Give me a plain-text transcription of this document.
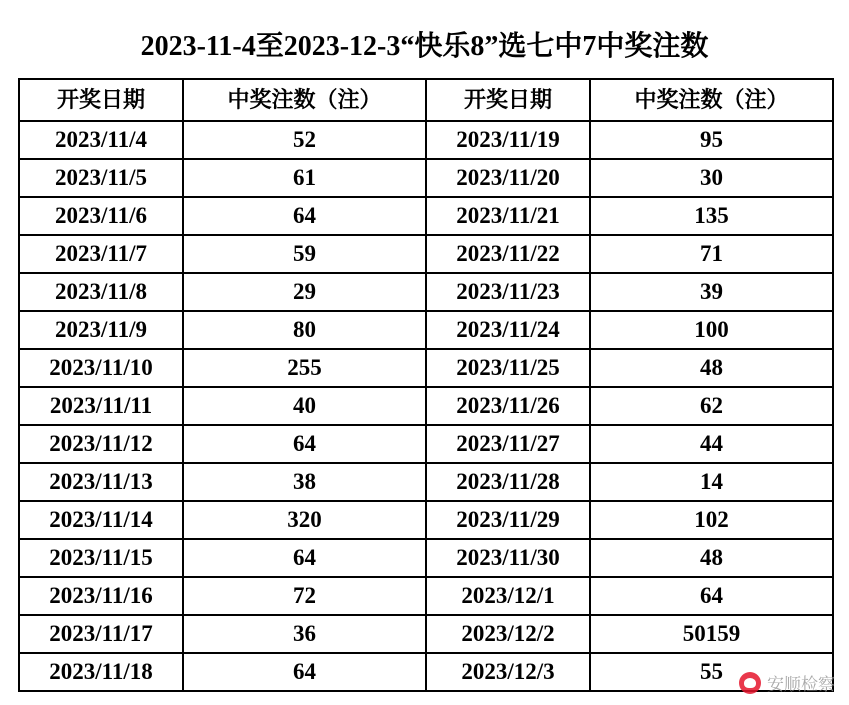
2023-11-4至2023-12-3“快乐8”选七中7中奖注数
开奖日期	中奖注数（注）	开奖日期	中奖注数（注）
2023/11/4	52	2023/11/19	95
2023/11/5	61	2023/11/20	30
2023/11/6	64	2023/11/21	135
2023/11/7	59	2023/11/22	71
2023/11/8	29	2023/11/23	39
2023/11/9	80	2023/11/24	100
2023/11/10	255	2023/11/25	48
2023/11/11	40	2023/11/26	62
2023/11/12	64	2023/11/27	44
2023/11/13	38	2023/11/28	14
2023/11/14	320	2023/11/29	102
2023/11/15	64	2023/11/30	48
2023/11/16	72	2023/12/1	64
2023/11/17	36	2023/12/2	50159
2023/11/18	64	2023/12/3	55
安顺检察
